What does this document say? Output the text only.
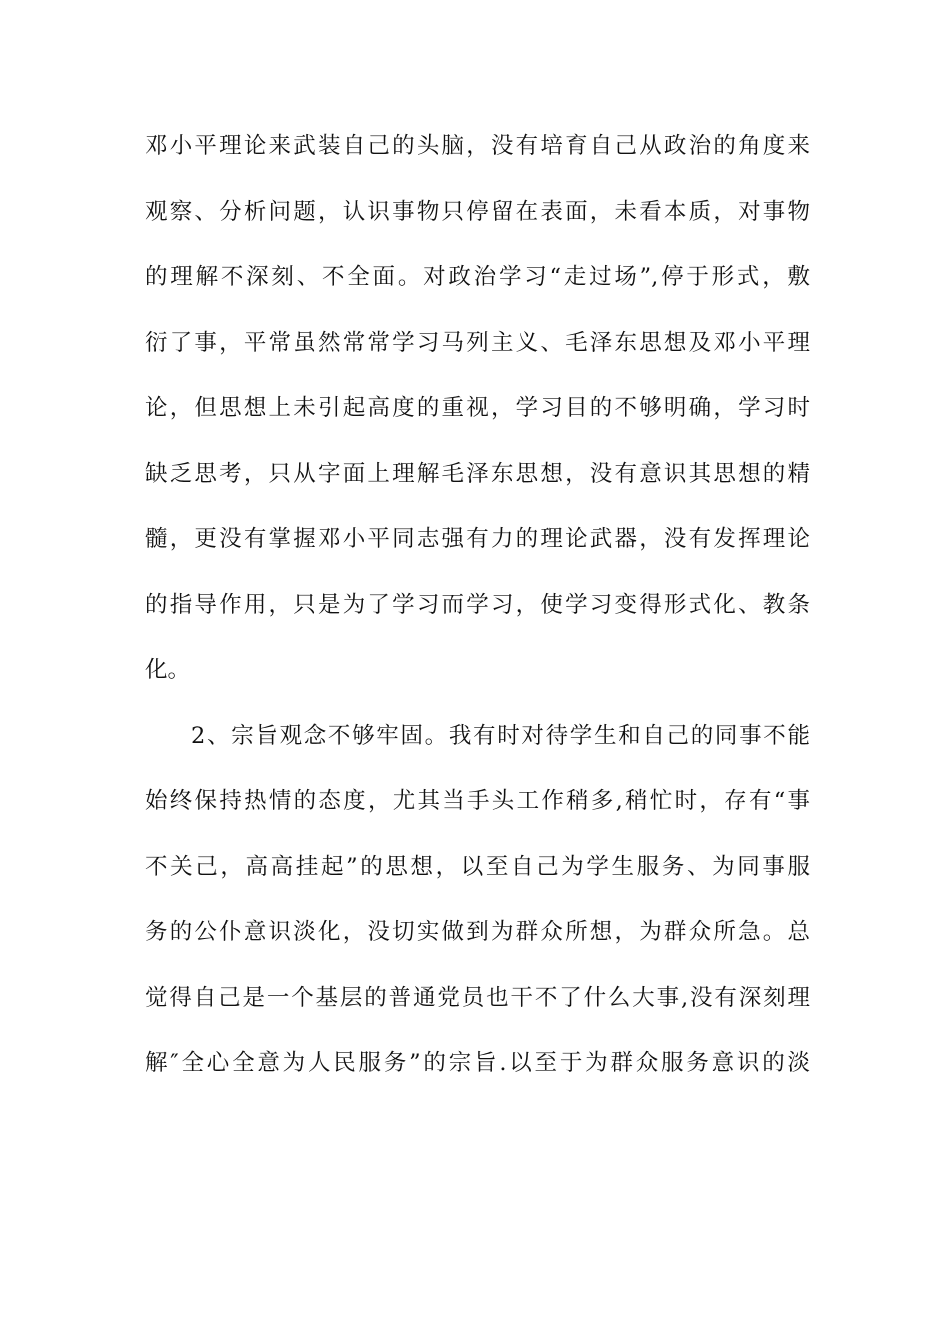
邓小平理论来武装自己的头脑，没有培育自己从政治的角度来
观察、分析问题，认识事物只停留在表面，未看本质，对事物
的理解不深刻、不全面。对政治学习“走过场”,停于形式，敷
衍了事，平常虽然常常学习马列主义、毛泽东思想及邓小平理
论，但思想上未引起高度的重视，学习目的不够明确，学习时
缺乏思考，只从字面上理解毛泽东思想，没有意识其思想的精
髓，更没有掌握邓小平同志强有力的理论武器，没有发挥理论
的指导作用，只是为了学习而学习，使学习变得形式化、教条
化。
2、宗旨观念不够牢固。我有时对待学生和自己的同事不能
始终保持热情的态度，尤其当手头工作稍多,稍忙时，存有“事
不关己，高高挂起”的思想，以至自己为学生服务、为同事服
务的公仆意识淡化，没切实做到为群众所想，为群众所急。总
觉得自己是一个基层的普通党员也干不了什么大事,没有深刻理
解″全心全意为人民服务”的宗旨.以至于为群众服务意识的淡
